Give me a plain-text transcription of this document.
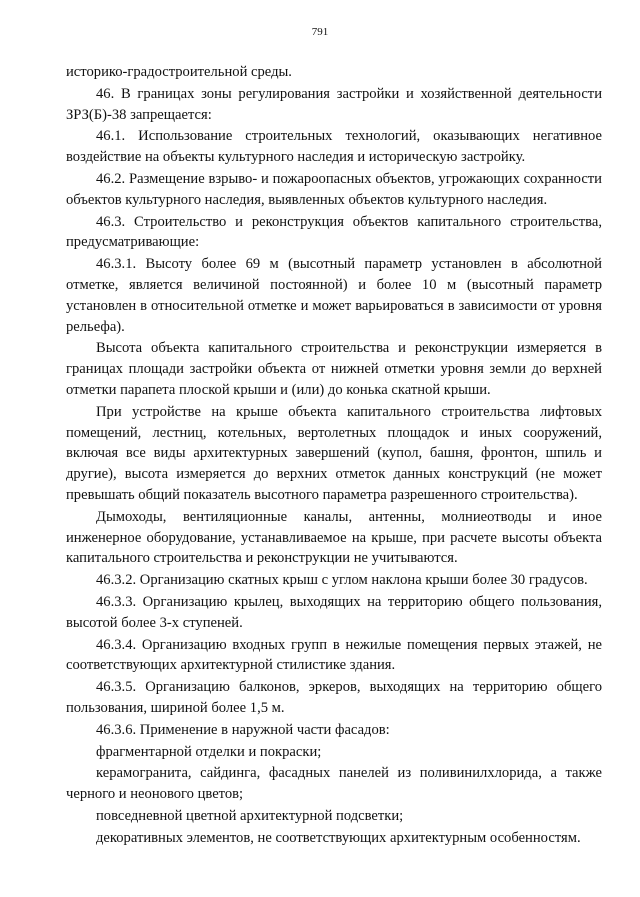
791

историко-градостроительной среды.

46. В границах зоны регулирования застройки и хозяйственной деятельности ЗРЗ(Б)-38 запрещается:

46.1. Использование строительных технологий, оказывающих негативное воздействие на объекты культурного наследия и историческую застройку.

46.2. Размещение взрыво- и пожароопасных объектов, угрожающих сохранности объектов культурного наследия, выявленных объектов культурного наследия.

46.3. Строительство и реконструкция объектов капитального строительства, предусматривающие:

46.3.1. Высоту более 69 м (высотный параметр установлен в абсолютной отметке, является величиной постоянной) и более 10 м (высотный параметр установлен в относительной отметке и может варьироваться в зависимости от уровня рельефа).

Высота объекта капитального строительства и реконструкции измеряется в границах площади застройки объекта от нижней отметки уровня земли до верхней отметки парапета плоской крыши и (или) до конька скатной крыши.

При устройстве на крыше объекта капитального строительства лифтовых помещений, лестниц, котельных, вертолетных площадок и иных сооружений, включая все виды архитектурных завершений (купол, башня, фронтон, шпиль и другие), высота измеряется до верхних отметок данных конструкций (не может превышать общий показатель высотного параметра разрешенного строительства).

Дымоходы, вентиляционные каналы, антенны, молниеотводы и иное инженерное оборудование, устанавливаемое на крыше, при расчете высоты объекта капитального строительства и реконструкции не учитываются.

46.3.2. Организацию скатных крыш с углом наклона крыши более 30 градусов.

46.3.3. Организацию крылец, выходящих на территорию общего пользования, высотой более 3-х ступеней.

46.3.4. Организацию входных групп в нежилые помещения первых этажей, не соответствующих архитектурной стилистике здания.

46.3.5. Организацию балконов, эркеров, выходящих на территорию общего пользования, шириной более 1,5 м.

46.3.6. Применение в наружной части фасадов:

фрагментарной отделки и покраски;

керамогранита, сайдинга, фасадных панелей из поливинилхлорида, а также черного и неонового цветов;

повседневной цветной архитектурной подсветки;

декоративных элементов, не соответствующих архитектурным особенностям.
